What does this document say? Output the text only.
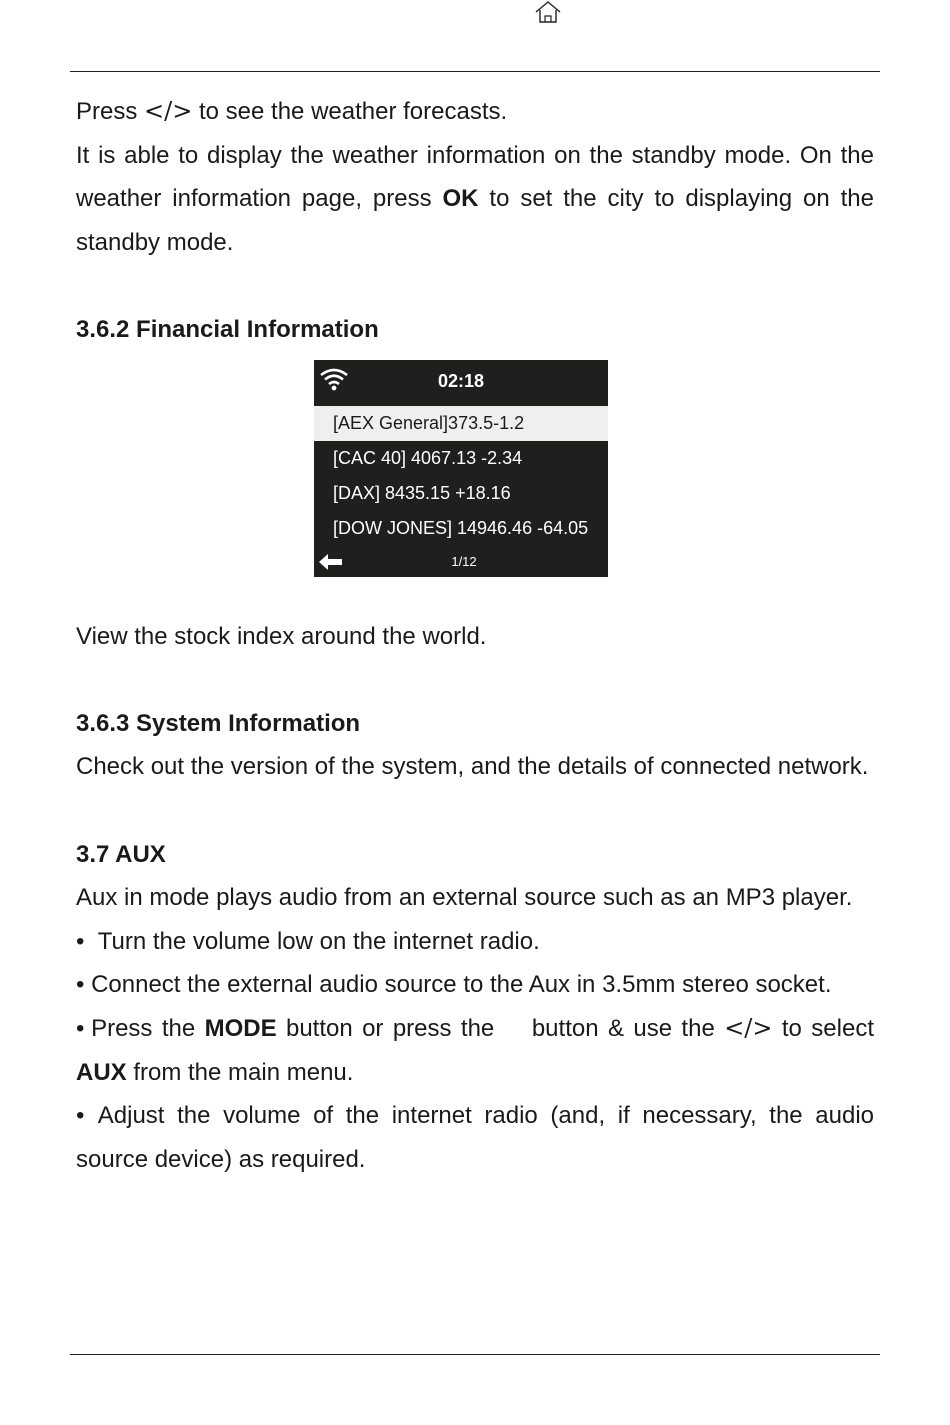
Press </> to see the weather forecasts.

It is able to display the weather information on the standby mode. On the weather information page, press OK to set the city to displaying on the standby mode.

3.6.2 Financial Information
02:18
[AEX General]373.5-1.2
[CAC 40] 4067.13 -2.34
[DAX] 8435.15 +18.16
[DOW JONES] 14946.46 -64.05
1/12

View the stock index around the world.

3.6.3 System Information

Check out the version of the system, and the details of connected network.

3.7 AUX

Aux in mode plays audio from an external source such as an MP3 player.

•  Turn the volume low on the internet radio.

• Connect the external audio source to the Aux in 3.5mm stereo socket.

• Press the MODE button or press the    button & use the </> to select AUX from the main menu.

•  Adjust the volume of the internet radio (and, if necessary, the audio source device) as required.
